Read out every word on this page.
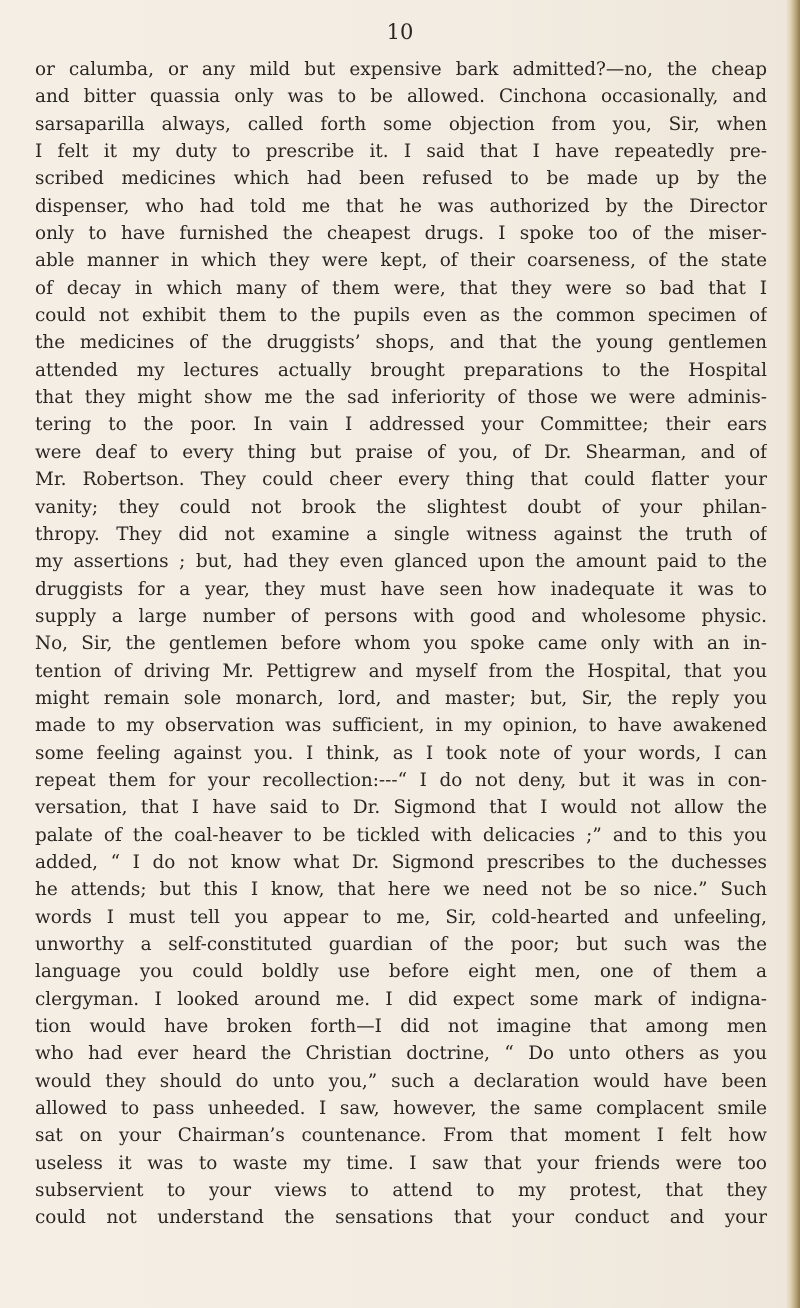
10
or calumba, or any mild but expensive bark admitted?—no, the cheap
and bitter quassia only was to be allowed. Cinchona occasionally, and
sarsaparilla always, called forth some objection from you, Sir, when
I felt it my duty to prescribe it. I said that I have repeatedly pre-
scribed medicines which had been refused to be made up by the
dispenser, who had told me that he was authorized by the Director
only to have furnished the cheapest drugs. I spoke too of the miser-
able manner in which they were kept, of their coarseness, of the state
of decay in which many of them were, that they were so bad that I
could not exhibit them to the pupils even as the common specimen of
the medicines of the druggists’ shops, and that the young gentlemen
attended my lectures actually brought preparations to the Hospital
that they might show me the sad inferiority of those we were adminis-
tering to the poor. In vain I addressed your Committee; their ears
were deaf to every thing but praise of you, of Dr. Shearman, and of
Mr. Robertson. They could cheer every thing that could flatter your
vanity; they could not brook the slightest doubt of your philan-
thropy. They did not examine a single witness against the truth of
my assertions ; but, had they even glanced upon the amount paid to the
druggists for a year, they must have seen how inadequate it was to
supply a large number of persons with good and wholesome physic.
No, Sir, the gentlemen before whom you spoke came only with an in-
tention of driving Mr. Pettigrew and myself from the Hospital, that you
might remain sole monarch, lord, and master; but, Sir, the reply you
made to my observation was sufficient, in my opinion, to have awakened
some feeling against you. I think, as I took note of your words, I can
repeat them for your recollection:---“ I do not deny, but it was in con-
versation, that I have said to Dr. Sigmond that I would not allow the
palate of the coal-heaver to be tickled with delicacies ;” and to this you
added, “ I do not know what Dr. Sigmond prescribes to the duchesses
he attends; but this I know, that here we need not be so nice.” Such
words I must tell you appear to me, Sir, cold-hearted and unfeeling,
unworthy a self-constituted guardian of the poor; but such was the
language you could boldly use before eight men, one of them a
clergyman. I looked around me. I did expect some mark of indigna-
tion would have broken forth—I did not imagine that among men
who had ever heard the Christian doctrine, “ Do unto others as you
would they should do unto you,” such a declaration would have been
allowed to pass unheeded. I saw, however, the same complacent smile
sat on your Chairman’s countenance. From that moment I felt how
useless it was to waste my time. I saw that your friends were too
subservient to your views to attend to my protest, that they
could not understand the sensations that your conduct and your
